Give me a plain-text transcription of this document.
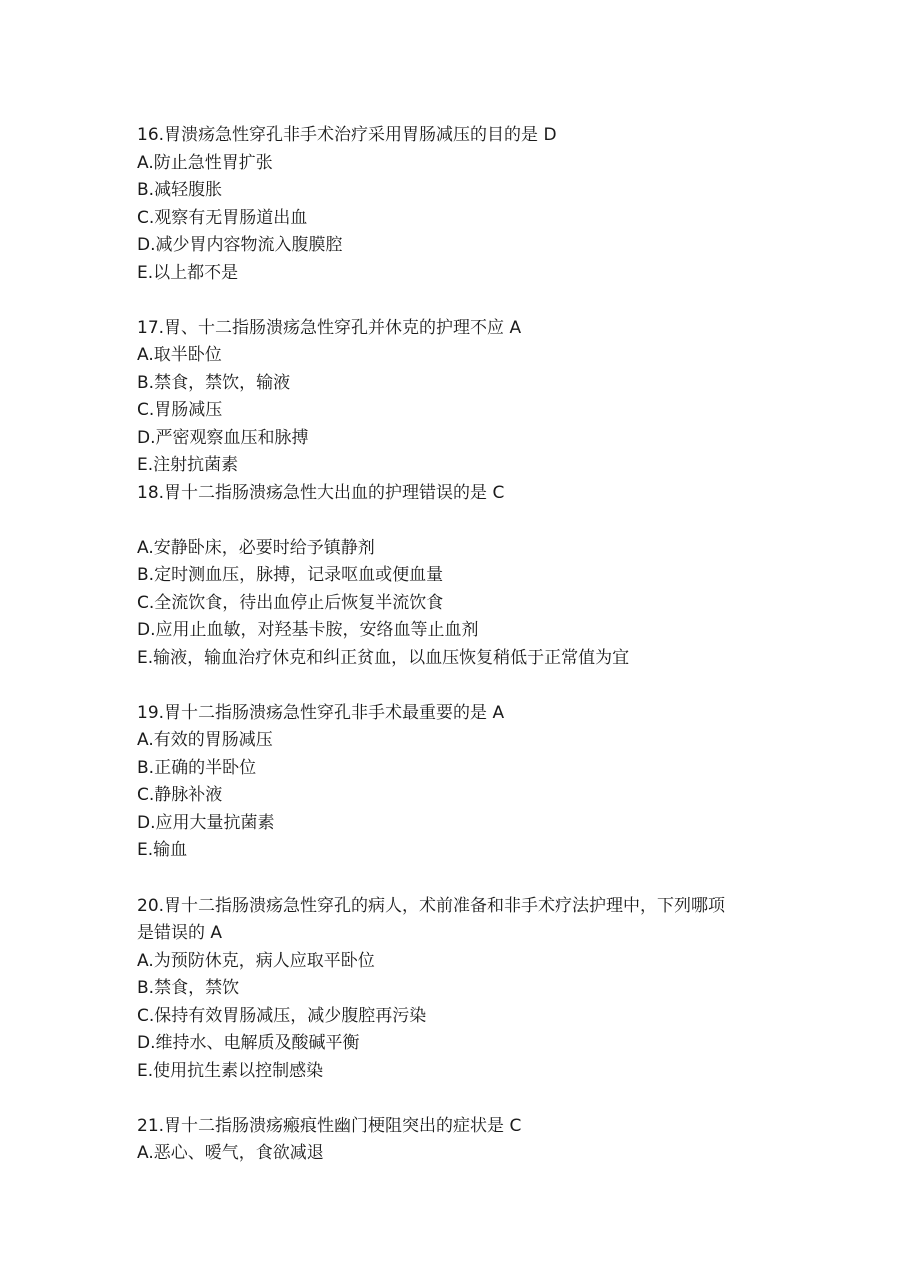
16.胃溃疡急性穿孔非手术治疗采用胃肠减压的目的是 D
A.防止急性胃扩张
B.减轻腹胀
C.观察有无胃肠道出血
D.减少胃内容物流入腹膜腔
E.以上都不是
17.胃、十二指肠溃疡急性穿孔并休克的护理不应 A
A.取半卧位
B.禁食，禁饮，输液
C.胃肠减压
D.严密观察血压和脉搏
E.注射抗菌素
18.胃十二指肠溃疡急性大出血的护理错误的是 C
A.安静卧床，必要时给予镇静剂
B.定时测血压，脉搏，记录呕血或便血量
C.全流饮食，待出血停止后恢复半流饮食
D.应用止血敏，对羟基卡胺，安络血等止血剂
E.输液，输血治疗休克和纠正贫血，以血压恢复稍低于正常值为宜
19.胃十二指肠溃疡急性穿孔非手术最重要的是 A
A.有效的胃肠减压
B.正确的半卧位
C.静脉补液
D.应用大量抗菌素
E.输血
20.胃十二指肠溃疡急性穿孔的病人，术前准备和非手术疗法护理中，下列哪项
是错误的 A
A.为预防休克，病人应取平卧位
B.禁食，禁饮
C.保持有效胃肠减压，减少腹腔再污染
D.维持水、电解质及酸碱平衡
E.使用抗生素以控制感染
21.胃十二指肠溃疡瘢痕性幽门梗阻突出的症状是 C
A.恶心、嗳气，食欲减退
